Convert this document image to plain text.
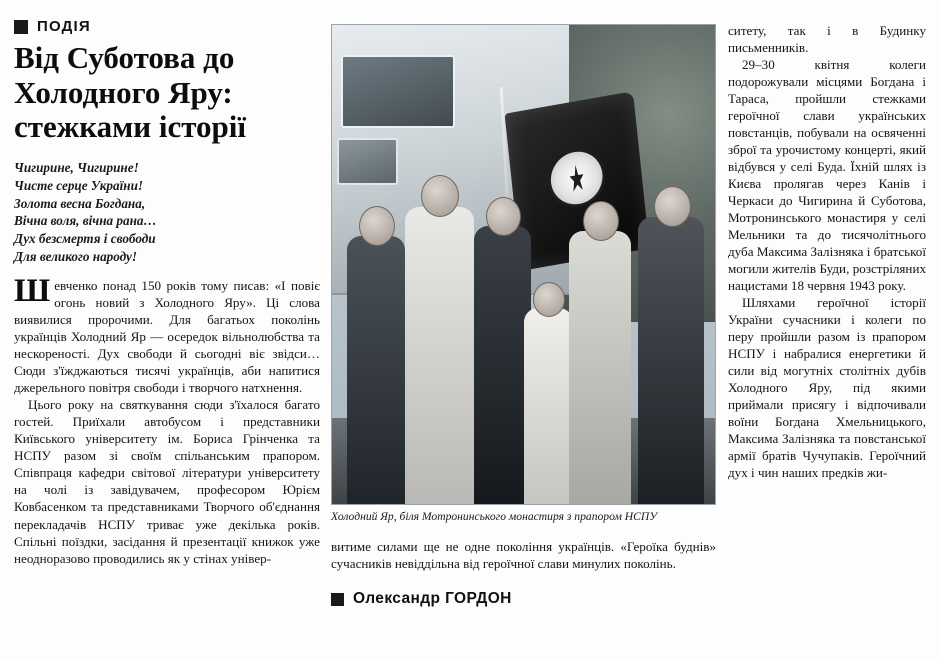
ПОДІЯ
Від Суботова до Холодного Яру: стежками історії
Чигирине, Чигирине!
Чисте серце України!
Золота весна Богдана,
Вічна воля, вічна рана…
Дух безсмертя і свободи
Для великого народу!

Шевченко понад 150 років тому писав: «І повіє огонь новий з Холодного Яру». Ці слова виявилися пророчими. Для багатьох поколінь українців Холодний Яр — осередок вільнолюбства та нескореності. Дух свободи й сьогодні віє звідси… Сюди з'їжджаються тисячі українців, аби напитися джерельного повітря свободи і творчого натхнення.

Цього року на святкування сюди з'їхалося багато гостей. Приїхали автобусом і представники Київського університету ім. Бориса Грінченка та НСПУ разом зі своїм спільанським прапором. Співпраця кафедри світової літератури університету на чолі із завідувачем, професором Юрієм Ковбасенком та представниками Творчого об'єднання перекладачів НСПУ триває уже декілька років. Спільні поїздки, засідання й презентації книжок уже неодноразово проводились як у стінах універ-

Холодний Яр, біля Мотронинського монастиря з прапором НСПУ

витиме силами ще не одне покоління українців. «Героїка буднів» сучасників невіддільна від героїчної слави минулих поколінь.

Олександр ГОРДОН

ситету, так і в Будинку письменників.

29–30 квітня колеги подорожували місцями Богдана і Тараса, пройшли стежками героїчної слави українських повстанців, побували на освяченні зброї та урочистому концерті, який відбувся у селі Буда. Їхній шлях із Києва пролягав через Канів і Черкаси до Чигирина й Суботова, Мотронинського монастиря у селі Мельники та до тисячолітнього дуба Максима Залізняка і братської могили жителів Буди, розстріляних нацистами 18 червня 1943 року.

Шляхами героїчної історії України сучасники і колеги по перу пройшли разом із прапором НСПУ і набралися енергетики й сили від могутніх столітніх дубів Холодного Яру, під якими приймали присягу і відпочивали воїни Богдана Хмельницького, Максима Залізняка та повстанської армії братів Чучупаків. Героїчний дух і чин наших предків жи-
